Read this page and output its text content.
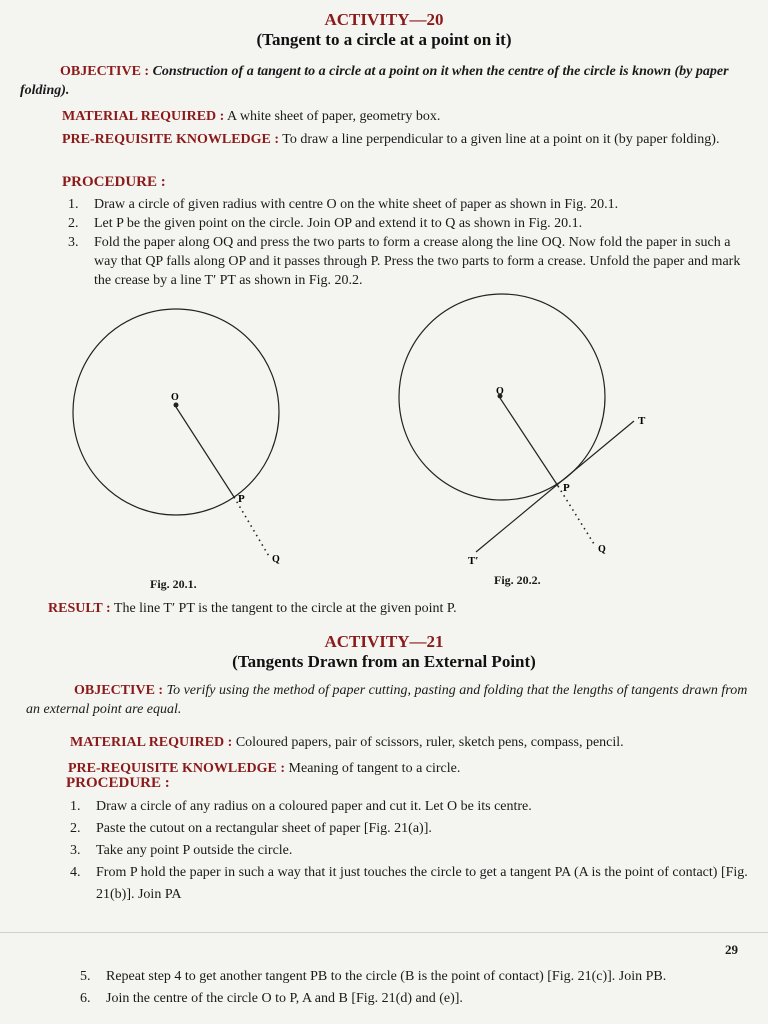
ACTIVITY—20
(Tangent to a circle at a point on it)
OBJECTIVE : Construction of a tangent to a circle at a point on it when the centre of the circle is known (by paper folding).
MATERIAL REQUIRED : A white sheet of paper, geometry box.
PRE-REQUISITE KNOWLEDGE : To draw a line perpendicular to a given line at a point on it (by paper folding).
PROCEDURE :
1. Draw a circle of given radius with centre O on the white sheet of paper as shown in Fig. 20.1.
2. Let P be the given point on the circle. Join OP and extend it to Q as shown in Fig. 20.1.
3. Fold the paper along OQ and press the two parts to form a crease along the line OQ. Now fold the paper in such a way that QP falls along OP and it passes through P. Press the two parts to form a crease. Unfold the paper and mark the crease by a line T′ PT as shown in Fig. 20.2.
O
P
Q
O
P
Q
T
T′
Fig. 20.1.	Fig. 20.2.
RESULT : The line T′ PT is the tangent to the circle at the given point P.
ACTIVITY—21
(Tangents Drawn from an External Point)
OBJECTIVE : To verify using the method of paper cutting, pasting and folding that the lengths of tangents drawn from an external point are equal.
MATERIAL REQUIRED : Coloured papers, pair of scissors, ruler, sketch pens, compass, pencil.
PRE-REQUISITE KNOWLEDGE : Meaning of tangent to a circle.
PROCEDURE :
1. Draw a circle of any radius on a coloured paper and cut it. Let O be its centre.
2. Paste the cutout on a rectangular sheet of paper [Fig. 21(a)].
3. Take any point P outside the circle.
4. From P hold the paper in such a way that it just touches the circle to get a tangent PA (A is the point of contact) [Fig. 21(b)]. Join PA
29
5. Repeat step 4 to get another tangent PB to the circle (B is the point of contact) [Fig. 21(c)]. Join PB.
6. Join the centre of the circle O to P, A and B [Fig. 21(d) and (e)].
